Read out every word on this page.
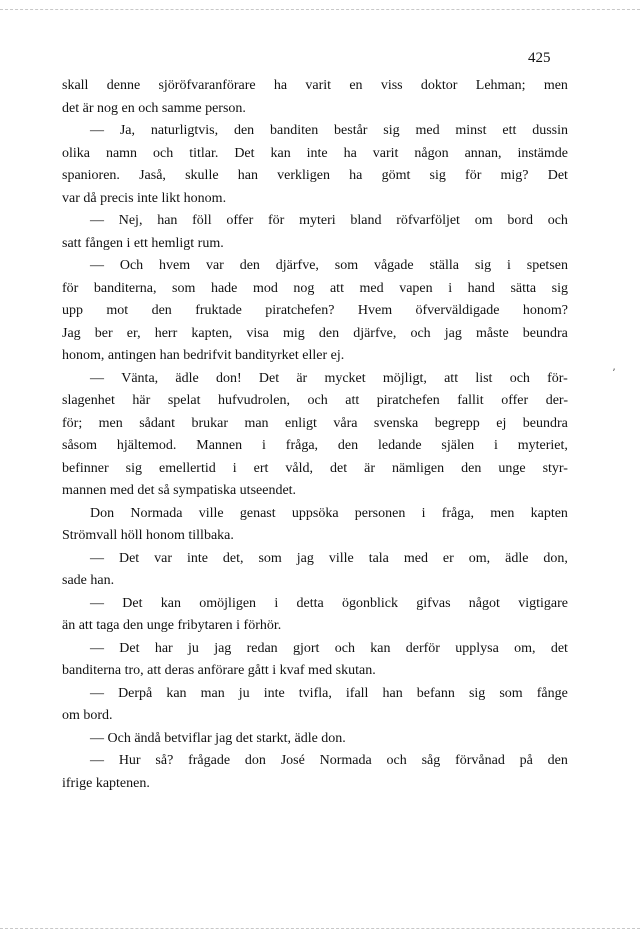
425
skall denne sjöröfvaranförare ha varit en viss doktor Lehman; men
det är nog en och samme person.
— Ja, naturligtvis, den banditen består sig med minst ett dussin
olika namn och titlar. Det kan inte ha varit någon annan, instämde
spanioren. Jaså, skulle han verkligen ha gömt sig för mig? Det
var då precis inte likt honom.
— Nej, han föll offer för myteri bland röfvarföljet om bord och
satt fången i ett hemligt rum.
— Och hvem var den djärfve, som vågade ställa sig i spetsen
för banditerna, som hade mod nog att med vapen i hand sätta sig
upp mot den fruktade piratchefen? Hvem öfverväldigade honom?
Jag ber er, herr kapten, visa mig den djärfve, och jag måste beundra
honom, antingen han bedrifvit bandityrket eller ej.
— Vänta, ädle don! Det är mycket möjligt, att list och för-
slagenhet här spelat hufvudrolen, och att piratchefen fallit offer der-
för; men sådant brukar man enligt våra svenska begrepp ej beundra
såsom hjältemod. Mannen i fråga, den ledande själen i myteriet,
befinner sig emellertid i ert våld, det är nämligen den unge styr-
mannen med det så sympatiska utseendet.
Don Normada ville genast uppsöka personen i fråga, men kapten
Strömvall höll honom tillbaka.
— Det var inte det, som jag ville tala med er om, ädle don,
sade han.
— Det kan omöjligen i detta ögonblick gifvas något vigtigare
än att taga den unge fribytaren i förhör.
— Det har ju jag redan gjort och kan derför upplysa om, det
banditerna tro, att deras anförare gått i kvaf med skutan.
— Derpå kan man ju inte tvifla, ifall han befann sig som fånge
om bord.
— Och ändå betviflar jag det starkt, ädle don.
— Hur så? frågade don José Normada och såg förvånad på den
ifrige kaptenen.
ʼ
